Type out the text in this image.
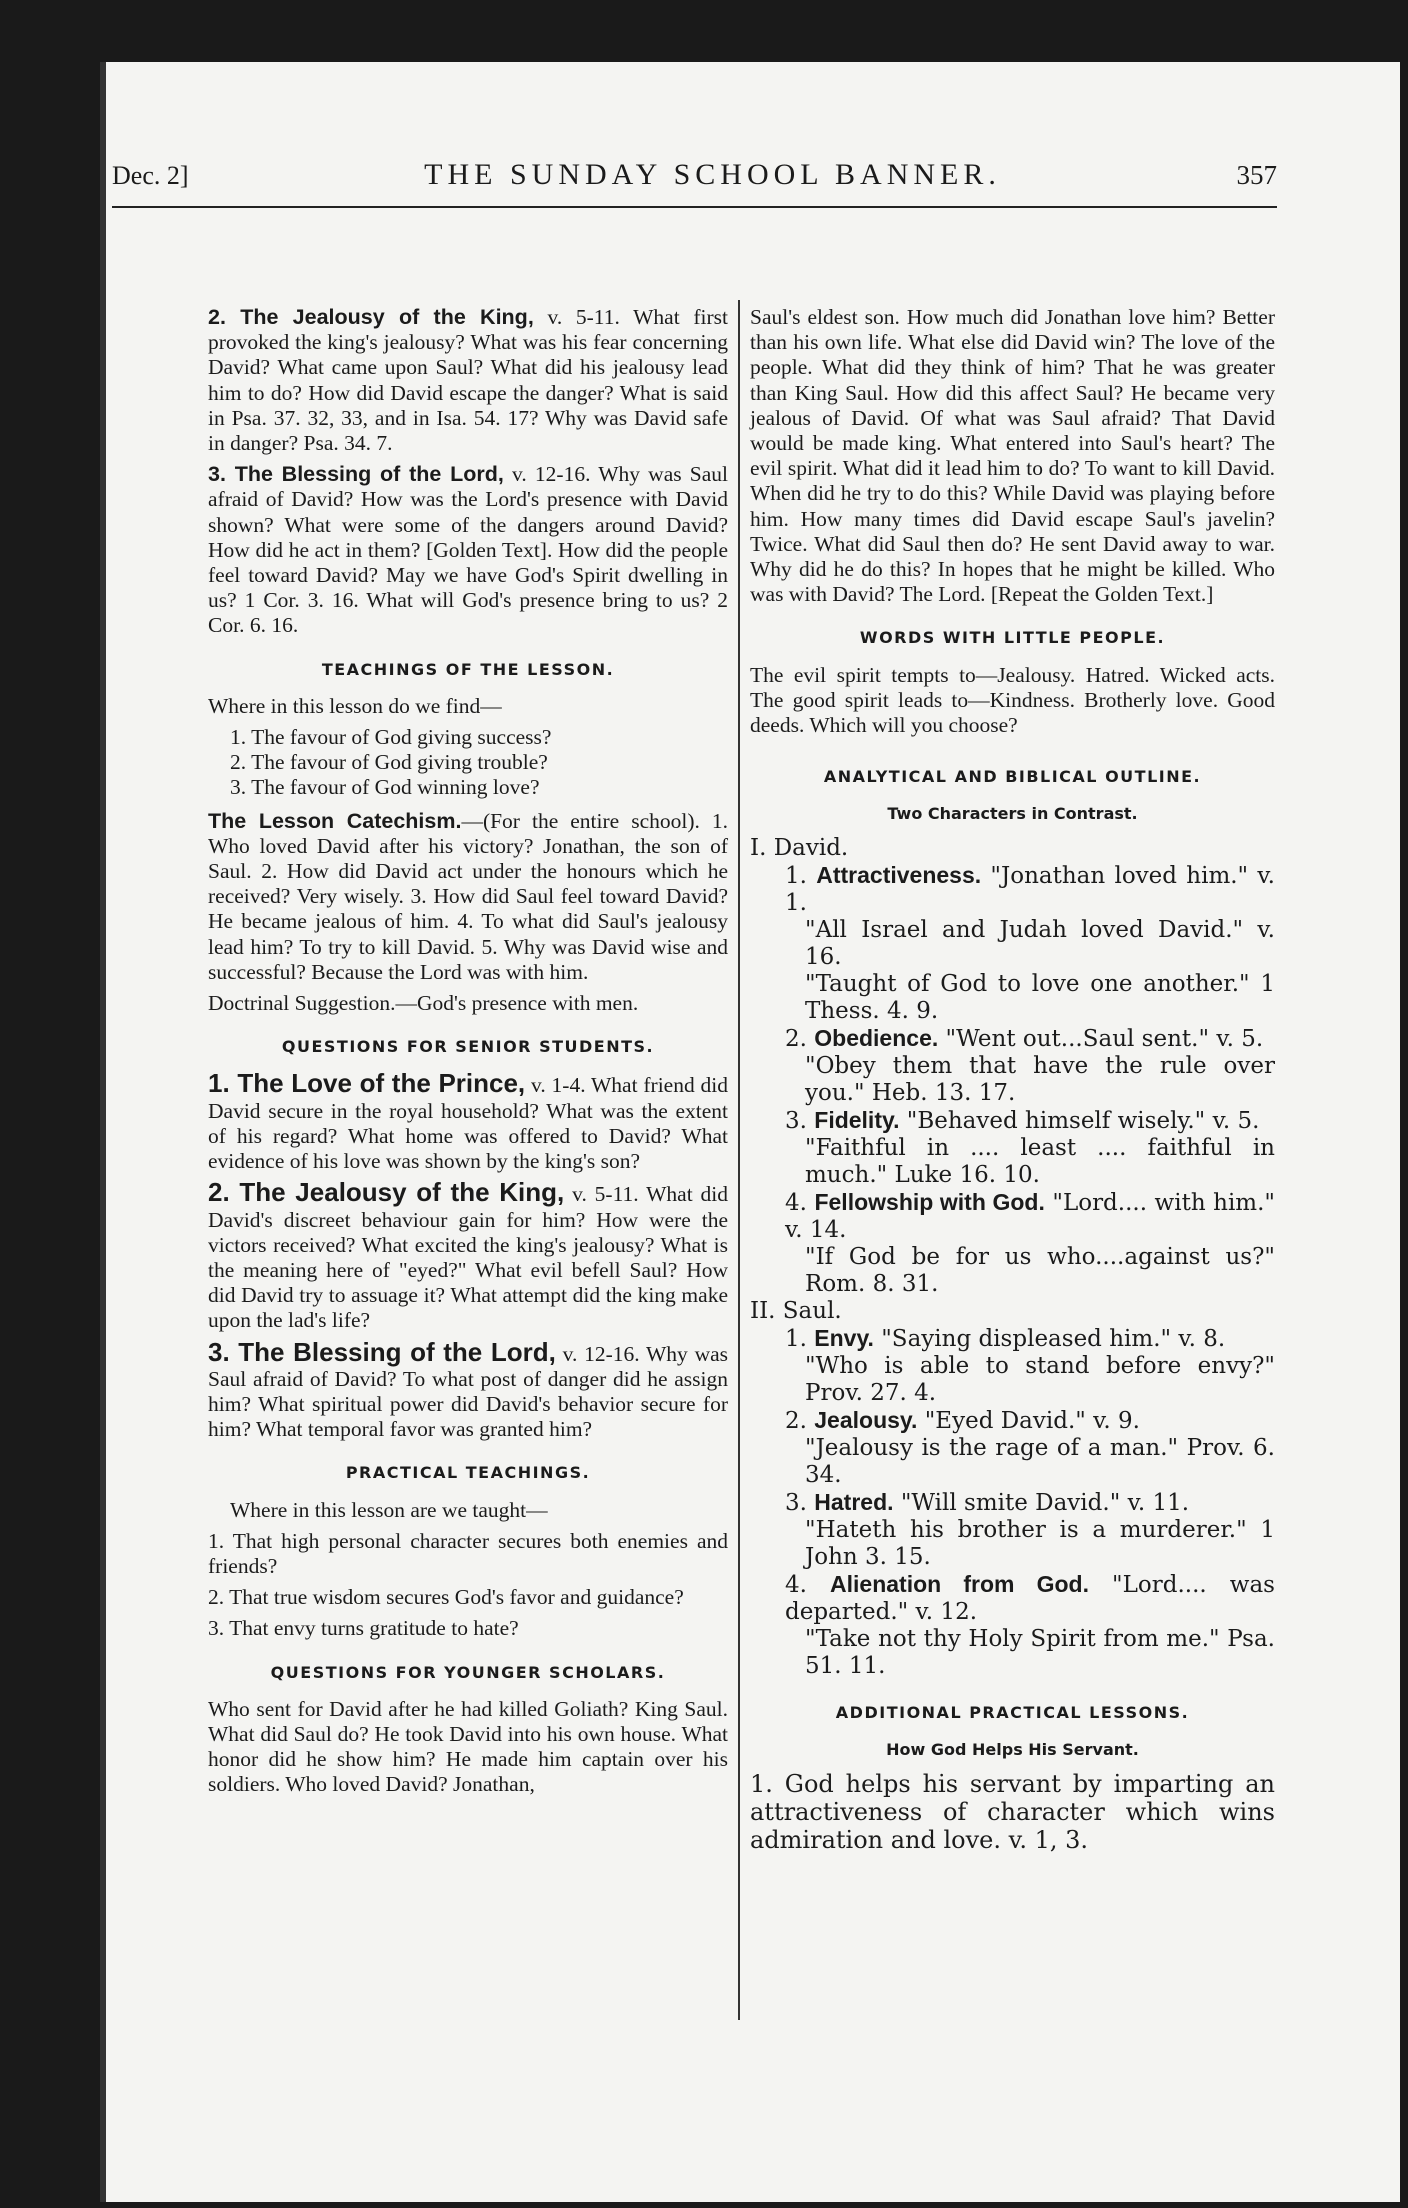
Dec. 2]	THE SUNDAY SCHOOL BANNER.	357

2. The Jealousy of the King, v. 5-11. What first provoked the king's jealousy? What was his fear concerning David? What came upon Saul? What did his jealousy lead him to do? How did David escape the danger? What is said in Psa. 37. 32, 33, and in Isa. 54. 17? Why was David safe in danger? Psa. 34. 7.

3. The Blessing of the Lord, v. 12-16. Why was Saul afraid of David? How was the Lord's presence with David shown? What were some of the dangers around David? How did he act in them? [Golden Text]. How did the people feel toward David? May we have God's Spirit dwelling in us? 1 Cor. 3. 16. What will God's presence bring to us? 2 Cor. 6. 16.

TEACHINGS OF THE LESSON.

Where in this lesson do we find—

1. The favour of God giving success?

2. The favour of God giving trouble?

3. The favour of God winning love?

The Lesson Catechism.—(For the entire school). 1. Who loved David after his victory? Jonathan, the son of Saul. 2. How did David act under the honours which he received? Very wisely. 3. How did Saul feel toward David? He became jealous of him. 4. To what did Saul's jealousy lead him? To try to kill David. 5. Why was David wise and successful? Because the Lord was with him.

Doctrinal Suggestion.—God's presence with men.

QUESTIONS FOR SENIOR STUDENTS.

1. The Love of the Prince, v. 1-4. What friend did David secure in the royal household? What was the extent of his regard? What home was offered to David? What evidence of his love was shown by the king's son?

2. The Jealousy of the King, v. 5-11. What did David's discreet behaviour gain for him? How were the victors received? What excited the king's jealousy? What is the meaning here of "eyed?" What evil befell Saul? How did David try to assuage it? What attempt did the king make upon the lad's life?

3. The Blessing of the Lord, v. 12-16. Why was Saul afraid of David? To what post of danger did he assign him? What spiritual power did David's behavior secure for him? What temporal favor was granted him?

PRACTICAL TEACHINGS.

Where in this lesson are we taught—

1. That high personal character secures both enemies and friends?

2. That true wisdom secures God's favor and guidance?

3. That envy turns gratitude to hate?

QUESTIONS FOR YOUNGER SCHOLARS.

Who sent for David after he had killed Goliath? King Saul. What did Saul do? He took David into his own house. What honor did he show him? He made him captain over his soldiers. Who loved David? Jonathan,

Saul's eldest son. How much did Jonathan love him? Better than his own life. What else did David win? The love of the people. What did they think of him? That he was greater than King Saul. How did this affect Saul? He became very jealous of David. Of what was Saul afraid? That David would be made king. What entered into Saul's heart? The evil spirit. What did it lead him to do? To want to kill David. When did he try to do this? While David was playing before him. How many times did David escape Saul's javelin? Twice. What did Saul then do? He sent David away to war. Why did he do this? In hopes that he might be killed. Who was with David? The Lord. [Repeat the Golden Text.]

WORDS WITH LITTLE PEOPLE.

The evil spirit tempts to—Jealousy. Hatred. Wicked acts. The good spirit leads to—Kindness. Brotherly love. Good deeds. Which will you choose?

ANALYTICAL AND BIBLICAL OUTLINE.
Two Characters in Contrast.

I. David.

1. Attractiveness. "Jonathan loved him." v. 1.

"All Israel and Judah loved David." v. 16.

"Taught of God to love one another." 1 Thess. 4. 9.

2. Obedience. "Went out...Saul sent." v. 5.

"Obey them that have the rule over you." Heb. 13. 17.

3. Fidelity. "Behaved himself wisely." v. 5.

"Faithful in .... least .... faithful in much." Luke 16. 10.

4. Fellowship with God. "Lord.... with him." v. 14.

"If God be for us who....against us?" Rom. 8. 31.

II. Saul.

1. Envy. "Saying displeased him." v. 8.

"Who is able to stand before envy?" Prov. 27. 4.

2. Jealousy. "Eyed David." v. 9.

"Jealousy is the rage of a man." Prov. 6. 34.

3. Hatred. "Will smite David." v. 11.

"Hateth his brother is a murderer." 1 John 3. 15.

4. Alienation from God. "Lord.... was departed." v. 12.

"Take not thy Holy Spirit from me." Psa. 51. 11.

ADDITIONAL PRACTICAL LESSONS.
How God Helps His Servant.

1. God helps his servant by imparting an attractiveness of character which wins admiration and love. v. 1, 3.
